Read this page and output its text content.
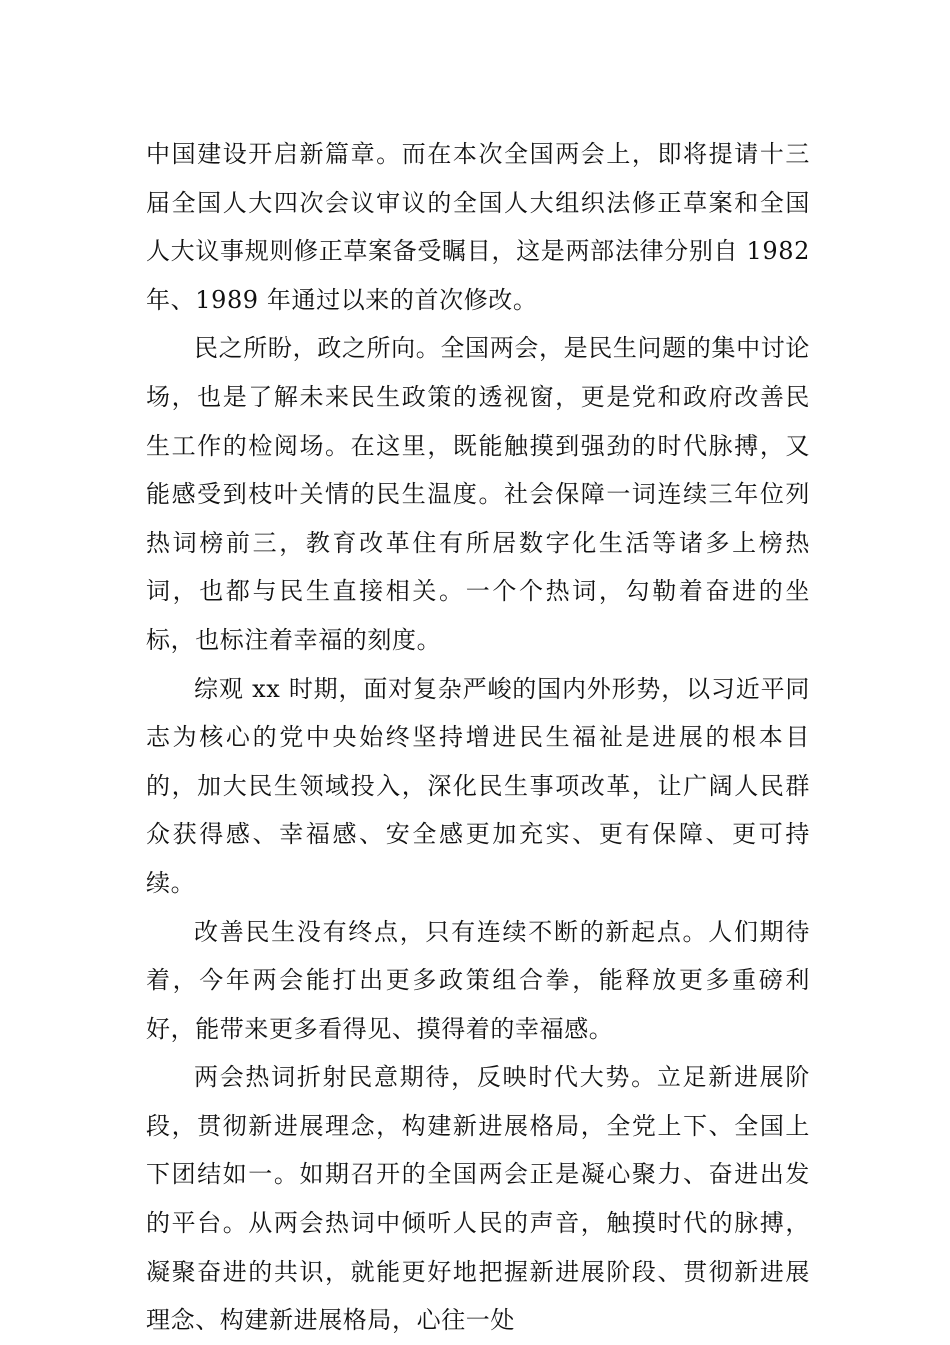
中国建设开启新篇章。而在本次全国两会上，即将提请十三届全国人大四次会议审议的全国人大组织法修正草案和全国人大议事规则修正草案备受瞩目，这是两部法律分别自 1982 年、1989 年通过以来的首次修改。

民之所盼，政之所向。全国两会，是民生问题的集中讨论场，也是了解未来民生政策的透视窗，更是党和政府改善民生工作的检阅场。在这里，既能触摸到强劲的时代脉搏，又能感受到枝叶关情的民生温度。社会保障一词连续三年位列热词榜前三，教育改革住有所居数字化生活等诸多上榜热词，也都与民生直接相关。一个个热词，勾勒着奋进的坐标，也标注着幸福的刻度。

综观 xx 时期，面对复杂严峻的国内外形势，以习近平同志为核心的党中央始终坚持增进民生福祉是进展的根本目的，加大民生领域投入，深化民生事项改革，让广阔人民群众获得感、幸福感、安全感更加充实、更有保障、更可持续。

改善民生没有终点，只有连续不断的新起点。人们期待着，今年两会能打出更多政策组合拳，能释放更多重磅利好，能带来更多看得见、摸得着的幸福感。

两会热词折射民意期待，反映时代大势。立足新进展阶段，贯彻新进展理念，构建新进展格局，全党上下、全国上下团结如一。如期召开的全国两会正是凝心聚力、奋进出发的平台。从两会热词中倾听人民的声音，触摸时代的脉搏，凝聚奋进的共识，就能更好地把握新进展阶段、贯彻新进展理念、构建新进展格局，心往一处
